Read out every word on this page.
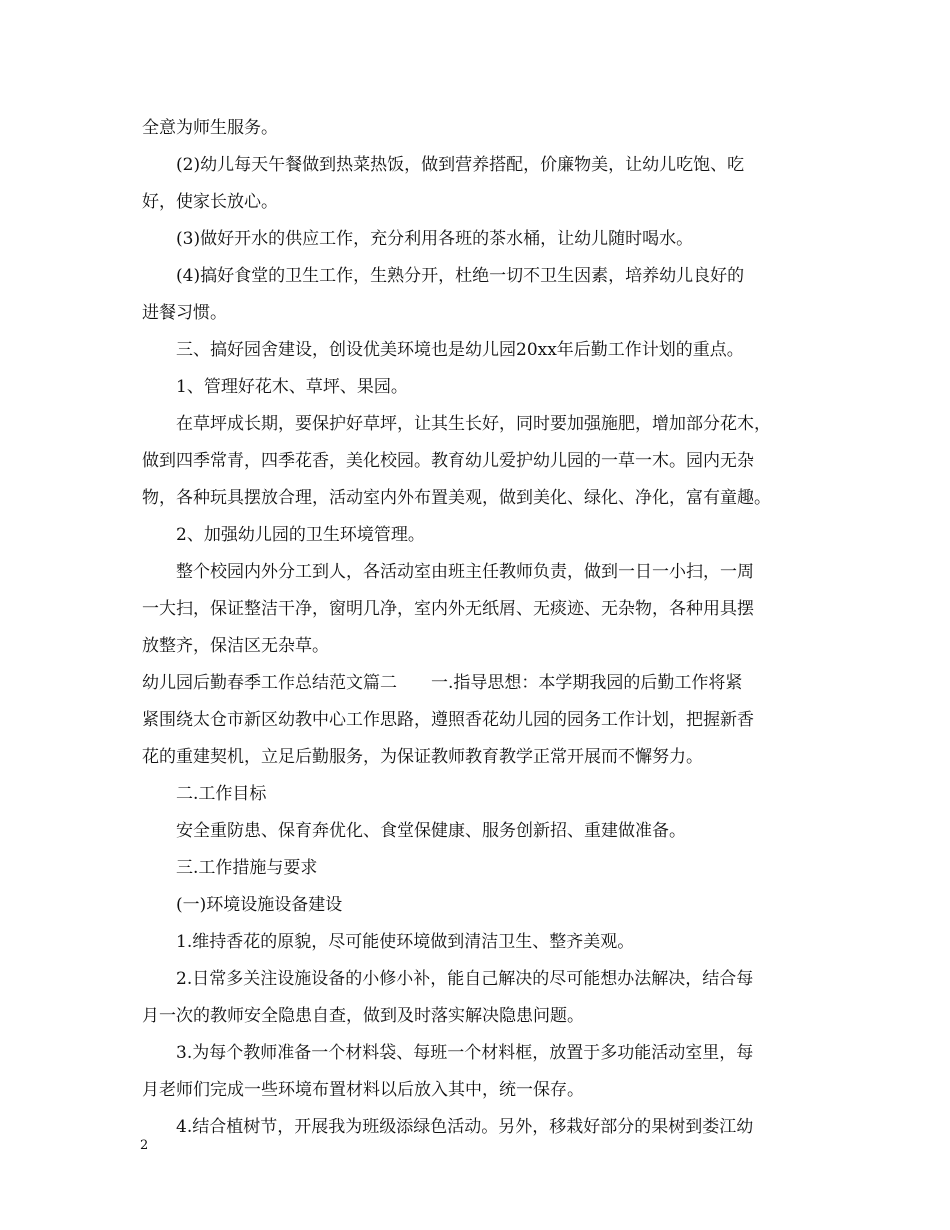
全意为师生服务。
(2)幼儿每天午餐做到热菜热饭，做到营养搭配，价廉物美，让幼儿吃饱、吃
好，使家长放心。
(3)做好开水的供应工作，充分利用各班的茶水桶，让幼儿随时喝水。
(4)搞好食堂的卫生工作，生熟分开，杜绝一切不卫生因素，培养幼儿良好的
进餐习惯。
三、搞好园舍建设，创设优美环境也是幼儿园20xx年后勤工作计划的重点。
1、管理好花木、草坪、果园。
在草坪成长期，要保护好草坪，让其生长好，同时要加强施肥，增加部分花木，
做到四季常青，四季花香，美化校园。教育幼儿爱护幼儿园的一草一木。园内无杂
物，各种玩具摆放合理，活动室内外布置美观，做到美化、绿化、净化，富有童趣。
2、加强幼儿园的卫生环境管理。
整个校园内外分工到人，各活动室由班主任教师负责，做到一日一小扫，一周
一大扫，保证整洁干净，窗明几净，室内外无纸屑、无痰迹、无杂物，各种用具摆
放整齐，保洁区无杂草。
幼儿园后勤春季工作总结范文篇二　　一.指导思想：本学期我园的后勤工作将紧
紧围绕太仓市新区幼教中心工作思路，遵照香花幼儿园的园务工作计划，把握新香
花的重建契机，立足后勤服务，为保证教师教育教学正常开展而不懈努力。
二.工作目标
安全重防患、保育奔优化、食堂保健康、服务创新招、重建做准备。
三.工作措施与要求
(一)环境设施设备建设
1.维持香花的原貌，尽可能使环境做到清洁卫生、整齐美观。
2.日常多关注设施设备的小修小补，能自己解决的尽可能想办法解决，结合每
月一次的教师安全隐患自查，做到及时落实解决隐患问题。
3.为每个教师准备一个材料袋、每班一个材料框，放置于多功能活动室里，每
月老师们完成一些环境布置材料以后放入其中，统一保存。
4.结合植树节，开展我为班级添绿色活动。另外，移栽好部分的果树到娄江幼
2
